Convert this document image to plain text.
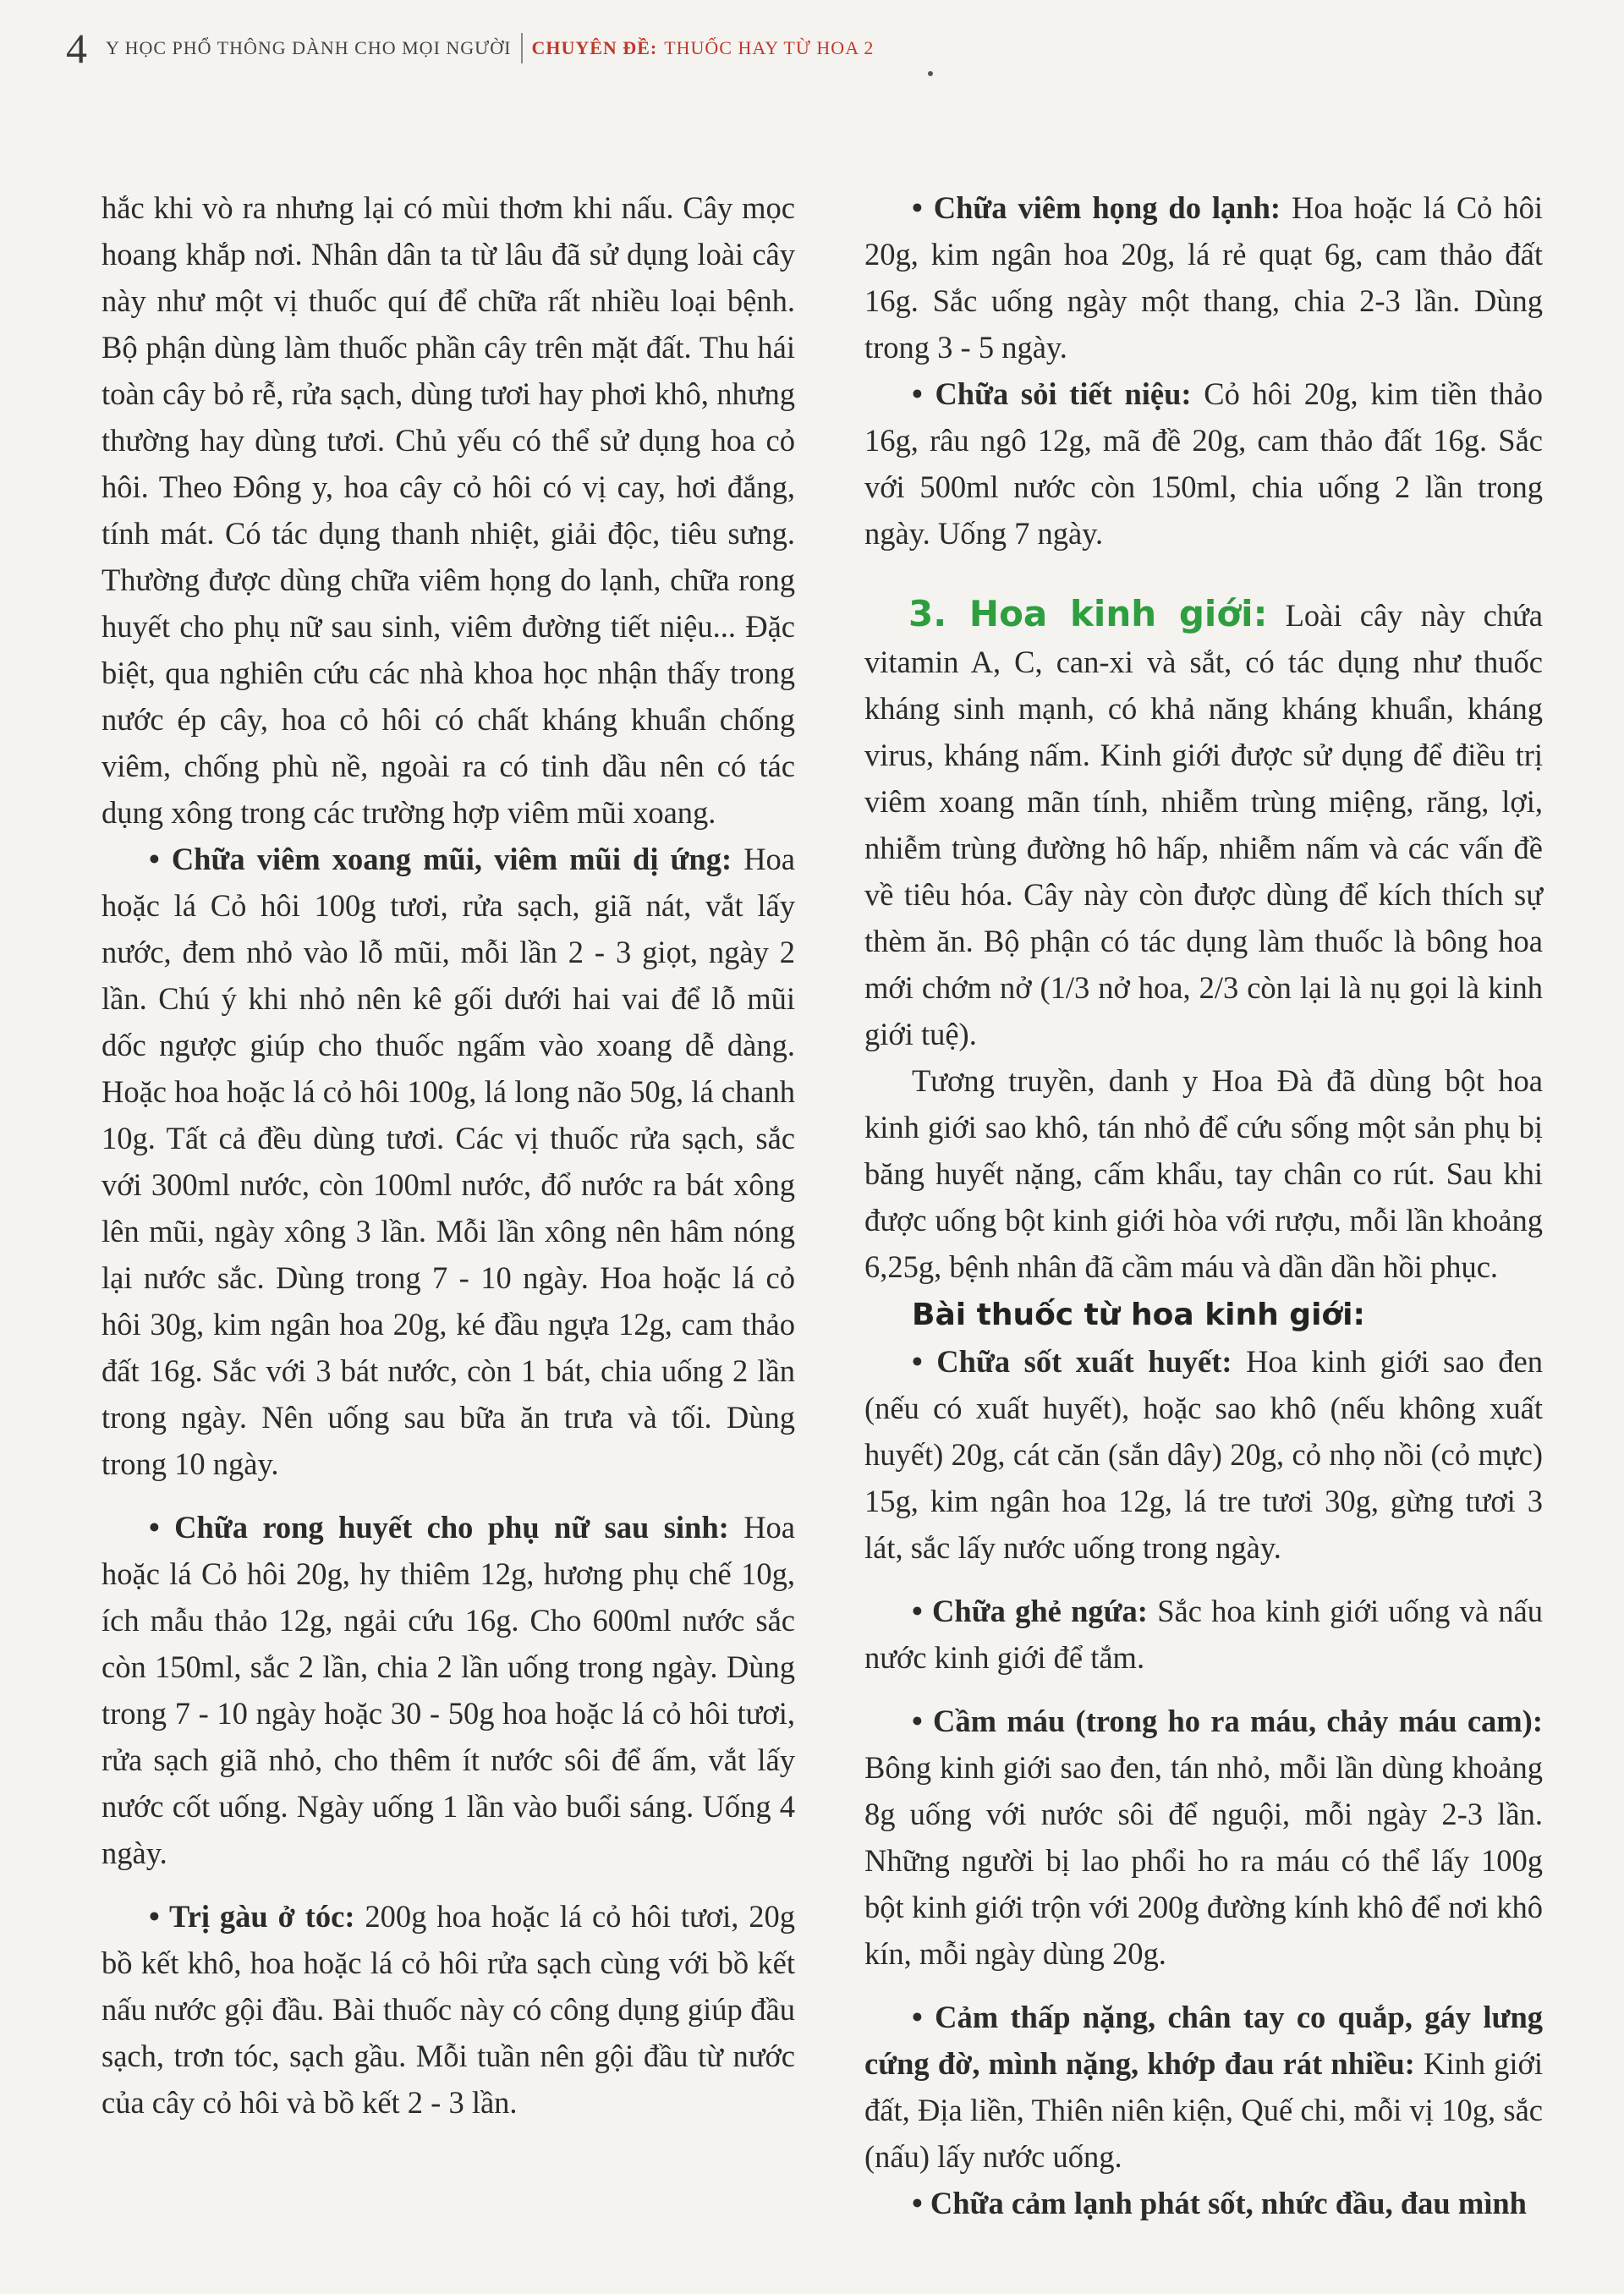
4 Y HỌC PHỔ THÔNG DÀNH CHO MỌI NGƯỜI CHUYÊN ĐỀ: THUỐC HAY TỪ HOA 2

hắc khi vò ra nhưng lại có mùi thơm khi nấu. Cây mọc hoang khắp nơi. Nhân dân ta từ lâu đã sử dụng loài cây này như một vị thuốc quí để chữa rất nhiều loại bệnh. Bộ phận dùng làm thuốc phần cây trên mặt đất. Thu hái toàn cây bỏ rễ, rửa sạch, dùng tươi hay phơi khô, nhưng thường hay dùng tươi. Chủ yếu có thể sử dụng hoa cỏ hôi. Theo Đông y, hoa cây cỏ hôi có vị cay, hơi đắng, tính mát. Có tác dụng thanh nhiệt, giải độc, tiêu sưng. Thường được dùng chữa viêm họng do lạnh, chữa rong huyết cho phụ nữ sau sinh, viêm đường tiết niệu... Đặc biệt, qua nghiên cứu các nhà khoa học nhận thấy trong nước ép cây, hoa cỏ hôi có chất kháng khuẩn chống viêm, chống phù nề, ngoài ra có tinh dầu nên có tác dụng xông trong các trường hợp viêm mũi xoang.

• Chữa viêm xoang mũi, viêm mũi dị ứng: Hoa hoặc lá Cỏ hôi 100g tươi, rửa sạch, giã nát, vắt lấy nước, đem nhỏ vào lỗ mũi, mỗi lần 2 - 3 giọt, ngày 2 lần. Chú ý khi nhỏ nên kê gối dưới hai vai để lỗ mũi dốc ngược giúp cho thuốc ngấm vào xoang dễ dàng. Hoặc hoa hoặc lá cỏ hôi 100g, lá long não 50g, lá chanh 10g. Tất cả đều dùng tươi. Các vị thuốc rửa sạch, sắc với 300ml nước, còn 100ml nước, đổ nước ra bát xông lên mũi, ngày xông 3 lần. Mỗi lần xông nên hâm nóng lại nước sắc. Dùng trong 7 - 10 ngày. Hoa hoặc lá cỏ hôi 30g, kim ngân hoa 20g, ké đầu ngựa 12g, cam thảo đất 16g. Sắc với 3 bát nước, còn 1 bát, chia uống 2 lần trong ngày. Nên uống sau bữa ăn trưa và tối. Dùng trong 10 ngày.

• Chữa rong huyết cho phụ nữ sau sinh: Hoa hoặc lá Cỏ hôi 20g, hy thiêm 12g, hương phụ chế 10g, ích mẫu thảo 12g, ngải cứu 16g. Cho 600ml nước sắc còn 150ml, sắc 2 lần, chia 2 lần uống trong ngày. Dùng trong 7 - 10 ngày hoặc 30 - 50g hoa hoặc lá cỏ hôi tươi, rửa sạch giã nhỏ, cho thêm ít nước sôi để ấm, vắt lấy nước cốt uống. Ngày uống 1 lần vào buổi sáng. Uống 4 ngày.

• Trị gàu ở tóc: 200g hoa hoặc lá cỏ hôi tươi, 20g bồ kết khô, hoa hoặc lá cỏ hôi rửa sạch cùng với bồ kết nấu nước gội đầu. Bài thuốc này có công dụng giúp đầu sạch, trơn tóc, sạch gầu. Mỗi tuần nên gội đầu từ nước của cây cỏ hôi và bồ kết 2 - 3 lần.

• Chữa viêm họng do lạnh: Hoa hoặc lá Cỏ hôi 20g, kim ngân hoa 20g, lá rẻ quạt 6g, cam thảo đất 16g. Sắc uống ngày một thang, chia 2-3 lần. Dùng trong 3 - 5 ngày.

• Chữa sỏi tiết niệu: Cỏ hôi 20g, kim tiền thảo 16g, râu ngô 12g, mã đề 20g, cam thảo đất 16g. Sắc với 500ml nước còn 150ml, chia uống 2 lần trong ngày. Uống 7 ngày.

3. Hoa kinh giới: Loài cây này chứa vitamin A, C, can-xi và sắt, có tác dụng như thuốc kháng sinh mạnh, có khả năng kháng khuẩn, kháng virus, kháng nấm. Kinh giới được sử dụng để điều trị viêm xoang mãn tính, nhiễm trùng miệng, răng, lợi, nhiễm trùng đường hô hấp, nhiễm nấm và các vấn đề về tiêu hóa. Cây này còn được dùng để kích thích sự thèm ăn. Bộ phận có tác dụng làm thuốc là bông hoa mới chớm nở (1/3 nở hoa, 2/3 còn lại là nụ gọi là kinh giới tuệ).

Tương truyền, danh y Hoa Đà đã dùng bột hoa kinh giới sao khô, tán nhỏ để cứu sống một sản phụ bị băng huyết nặng, cấm khẩu, tay chân co rút. Sau khi được uống bột kinh giới hòa với rượu, mỗi lần khoảng 6,25g, bệnh nhân đã cầm máu và dần dần hồi phục.

Bài thuốc từ hoa kinh giới:

• Chữa sốt xuất huyết: Hoa kinh giới sao đen (nếu có xuất huyết), hoặc sao khô (nếu không xuất huyết) 20g, cát căn (sắn dây) 20g, cỏ nhọ nồi (cỏ mực) 15g, kim ngân hoa 12g, lá tre tươi 30g, gừng tươi 3 lát, sắc lấy nước uống trong ngày.

• Chữa ghẻ ngứa: Sắc hoa kinh giới uống và nấu nước kinh giới để tắm.

• Cầm máu (trong ho ra máu, chảy máu cam): Bông kinh giới sao đen, tán nhỏ, mỗi lần dùng khoảng 8g uống với nước sôi để nguội, mỗi ngày 2-3 lần. Những người bị lao phổi ho ra máu có thể lấy 100g bột kinh giới trộn với 200g đường kính khô để nơi khô kín, mỗi ngày dùng 20g.

• Cảm thấp nặng, chân tay co quắp, gáy lưng cứng đờ, mình nặng, khớp đau rát nhiều: Kinh giới đất, Địa liền, Thiên niên kiện, Quế chi, mỗi vị 10g, sắc (nấu) lấy nước uống.

• Chữa cảm lạnh phát sốt, nhức đầu, đau mình
